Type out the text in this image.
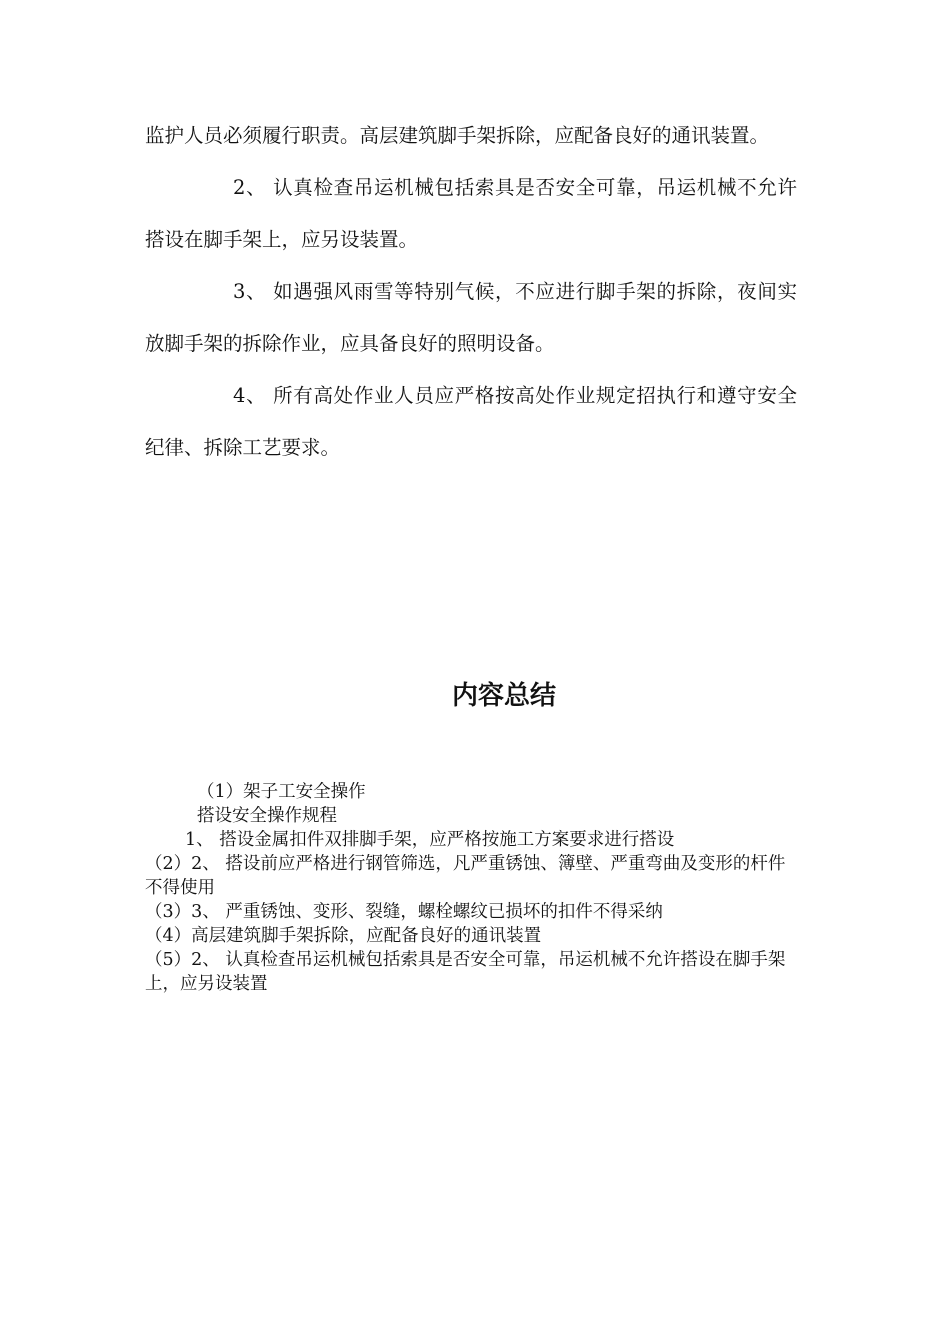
监护人员必须履行职责。高层建筑脚手架拆除，应配备良好的通讯装置。

2、 认真检查吊运机械包括索具是否安全可靠，吊运机械不允许搭设在脚手架上，应另设装置。

3、 如遇强风雨雪等特别气候，不应进行脚手架的拆除，夜间实放脚手架的拆除作业，应具备良好的照明设备。

4、 所有高处作业人员应严格按高处作业规定招执行和遵守安全纪律、拆除工艺要求。

内容总结

（1）架子工安全操作

搭设安全操作规程

1、 搭设金属扣件双排脚手架，应严格按施工方案要求进行搭设

（2）2、 搭设前应严格进行钢管筛选，凡严重锈蚀、簿壁、严重弯曲及变形的杆件不得使用

（3）3、 严重锈蚀、变形、裂缝，螺栓螺纹已损坏的扣件不得采纳

（4）高层建筑脚手架拆除，应配备良好的通讯装置

（5）2、 认真检查吊运机械包括索具是否安全可靠，吊运机械不允许搭设在脚手架上，应另设装置
